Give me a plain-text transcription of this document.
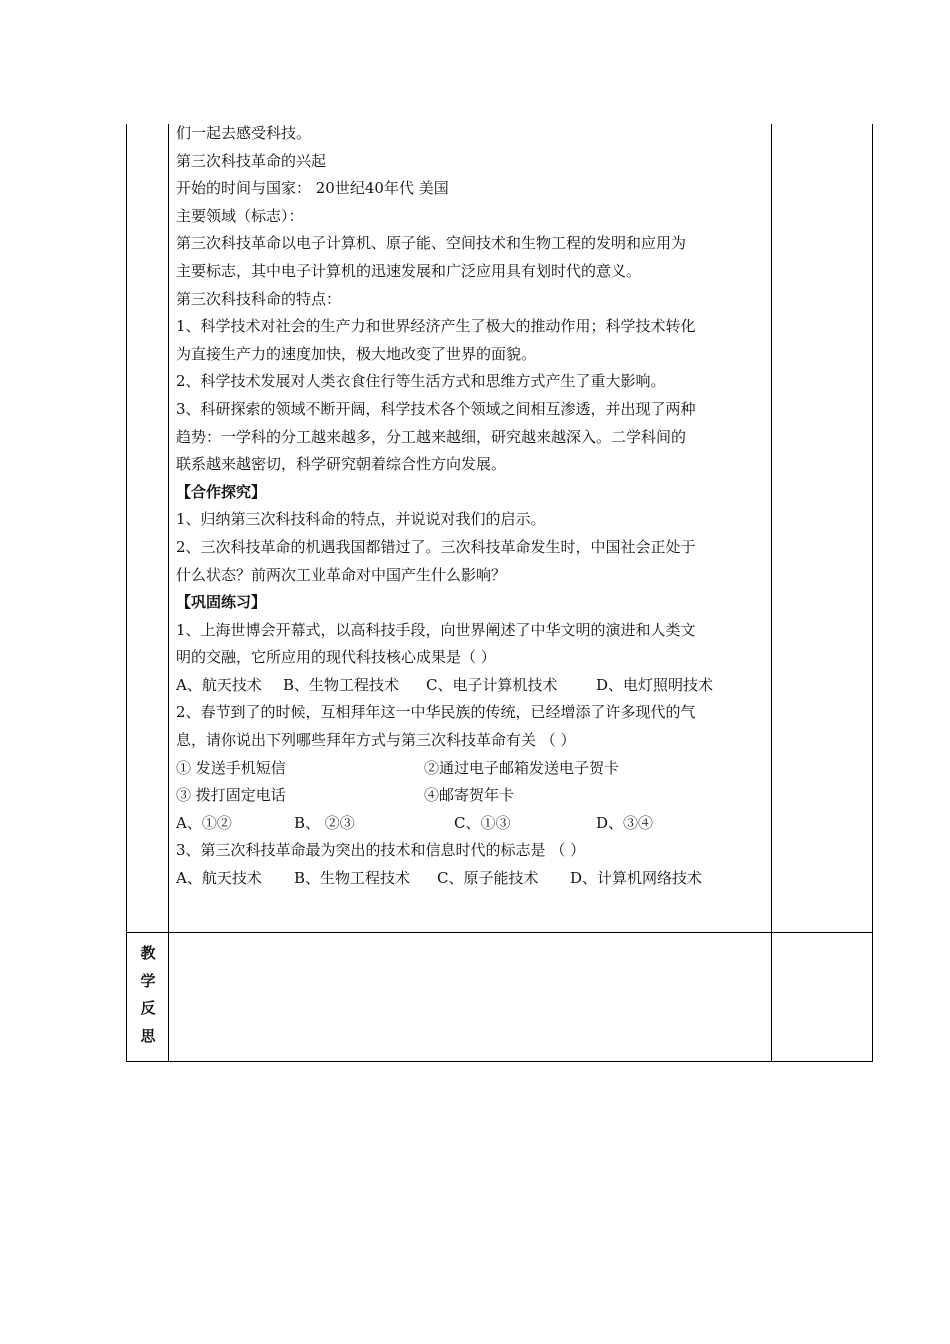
们一起去感受科技。

第三次科技革命的兴起

开始的时间与国家： 20世纪40年代 美国

主要领域（标志）：

第三次科技革命以电子计算机、原子能、空间技术和生物工程的发明和应用为

主要标志，其中电子计算机的迅速发展和广泛应用具有划时代的意义。

第三次科技科命的特点：

1、科学技术对社会的生产力和世界经济产生了极大的推动作用；科学技术转化

为直接生产力的速度加快，极大地改变了世界的面貌。

2、科学技术发展对人类衣食住行等生活方式和思维方式产生了重大影响。

3、科研探索的领域不断开阔，科学技术各个领域之间相互渗透，并出现了两种

趋势：一学科的分工越来越多，分工越来越细，研究越来越深入。二学科间的

联系越来越密切，科学研究朝着综合性方向发展。

【合作探究】

1、归纳第三次科技科命的特点，并说说对我们的启示。

2、三次科技革命的机遇我国都错过了。三次科技革命发生时，中国社会正处于

什么状态？前两次工业革命对中国产生什么影响？

【巩固练习】

1、上海世博会开幕式，以高科技手段，向世界阐述了中华文明的演进和人类文

明的交融，它所应用的现代科技核心成果是（ ）

A、航天技术	B、生物工程技术	C、电子计算机技术	D、电灯照明技术

2、春节到了的时候，互相拜年这一中华民族的传统，已经增添了许多现代的气

息，请你说出下列哪些拜年方式与第三次科技革命有关 （ ）

① 发送手机短信	②通过电子邮箱发送电子贺卡

③ 拨打固定电话	④邮寄贺年卡

A、①②	B、 ②③	C、①③	D、③④

3、第三次科技革命最为突出的技术和信息时代的标志是 （ ）

A、航天技术	B、生物工程技术	C、原子能技术	D、计算机网络技术

教
学
反
思
